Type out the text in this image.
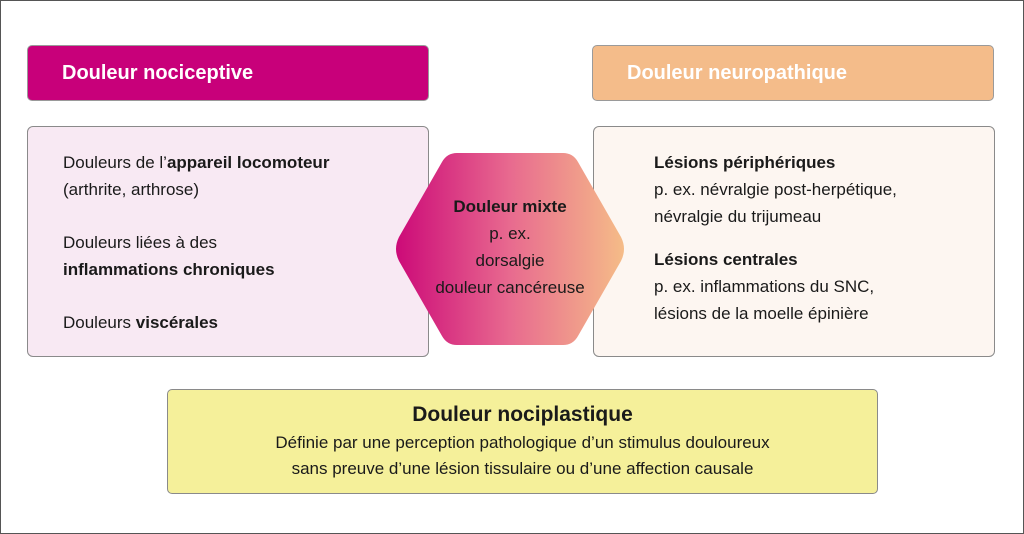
Douleur nociceptive	Douleur neuropathique

Douleurs de l’appareil locomoteur
(arthrite, arthrose)

Douleurs liées à des
inflammations chroniques

Douleurs viscérales

Lésions périphériques
p. ex. névralgie post-herpétique,
névralgie du trijumeau

Lésions centrales
p. ex. inflammations du SNC,
lésions de la moelle épinière

Douleur mixte
p. ex.
dorsalgie
douleur cancéreuse
Douleur nociplastique
Définie par une perception pathologique d’un stimulus douloureux
sans preuve d’une lésion tissulaire ou d’une affection causale
